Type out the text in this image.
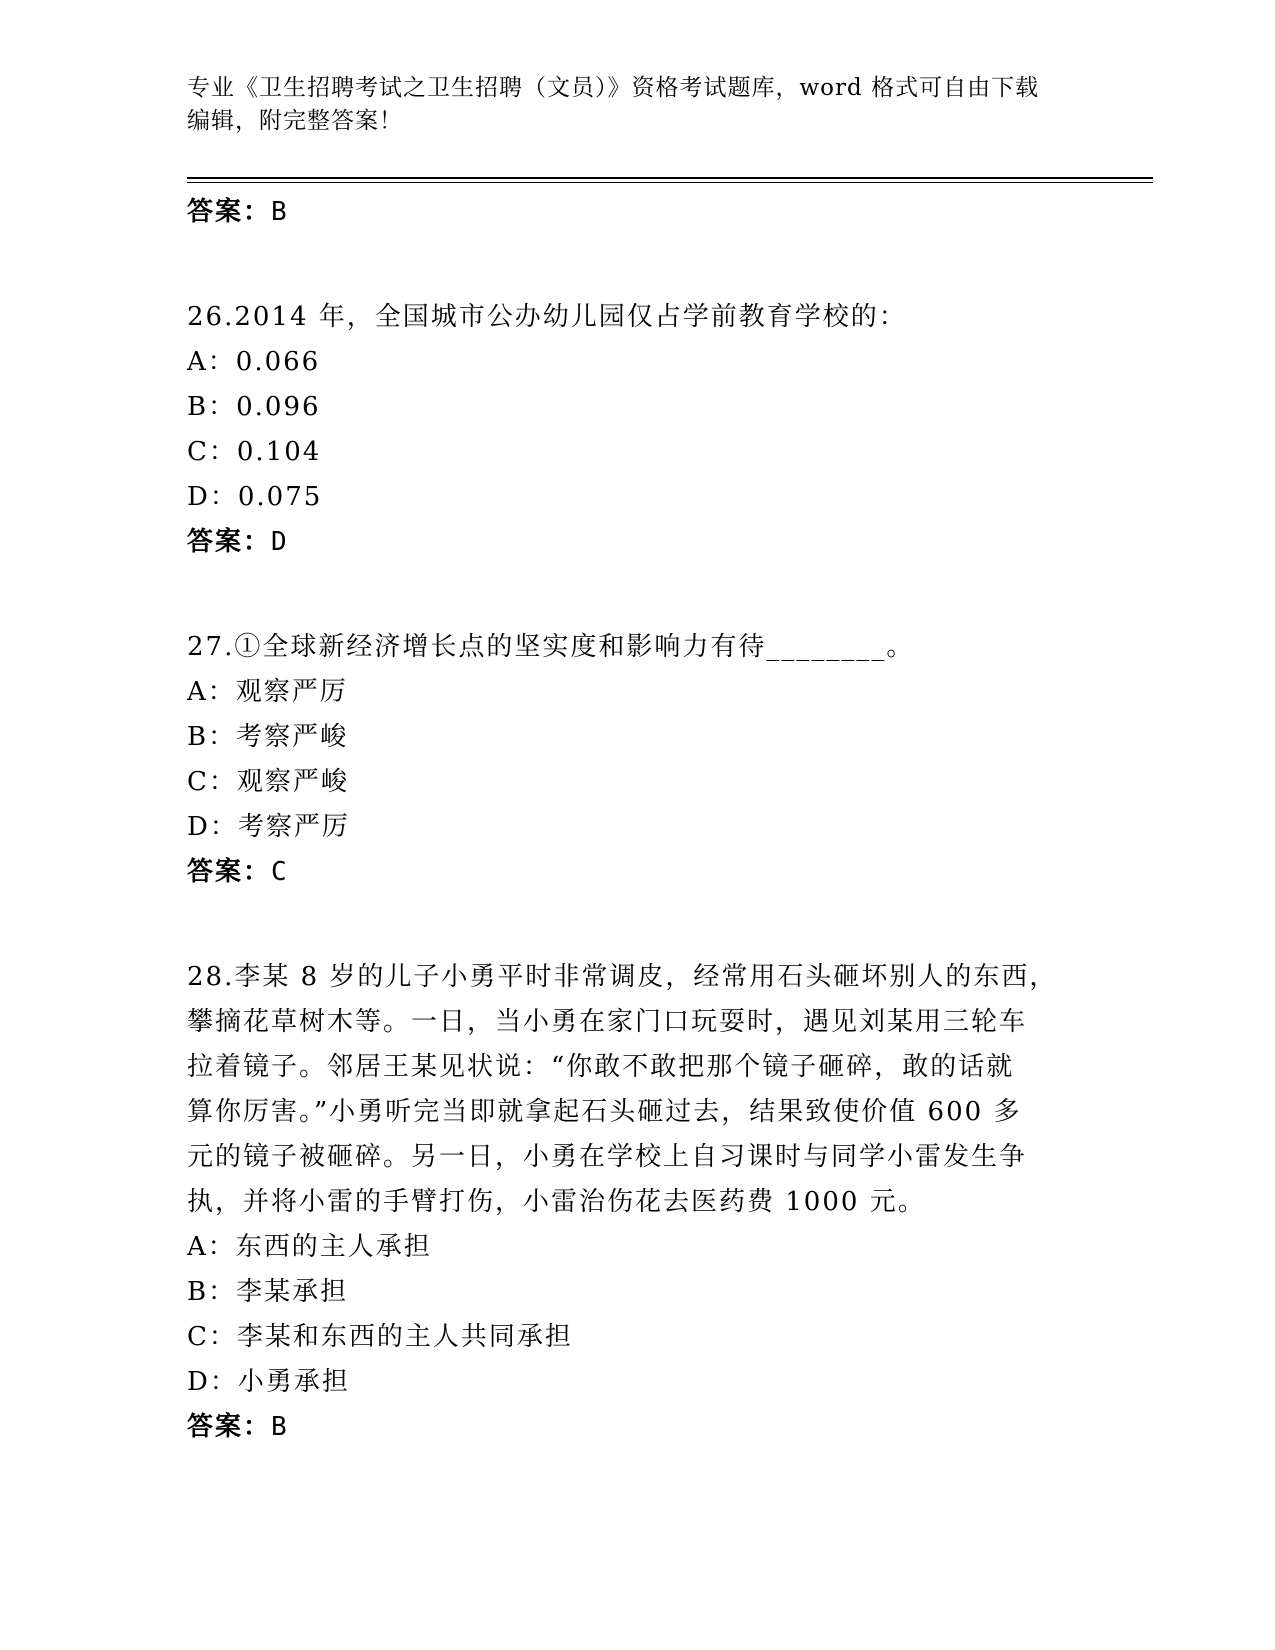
专业《卫生招聘考试之卫生招聘（文员）》资格考试题库，word 格式可自由下载
编辑，附完整答案！
答案：B
26.2014 年，全国城市公办幼儿园仅占学前教育学校的：
A：0.066
B：0.096
C：0.104
D：0.075
答案：D
27.①全球新经济增长点的坚实度和影响力有待________。
A：观察严厉
B：考察严峻
C：观察严峻
D：考察严厉
答案：C
28.李某 8 岁的儿子小勇平时非常调皮，经常用石头砸坏别人的东西，
攀摘花草树木等。一日，当小勇在家门口玩耍时，遇见刘某用三轮车
拉着镜子。邻居王某见状说：“你敢不敢把那个镜子砸碎，敢的话就
算你厉害。”小勇听完当即就拿起石头砸过去，结果致使价值 600 多
元的镜子被砸碎。另一日，小勇在学校上自习课时与同学小雷发生争
执，并将小雷的手臂打伤，小雷治伤花去医药费 1000 元。
A：东西的主人承担
B：李某承担
C：李某和东西的主人共同承担
D：小勇承担
答案：B
